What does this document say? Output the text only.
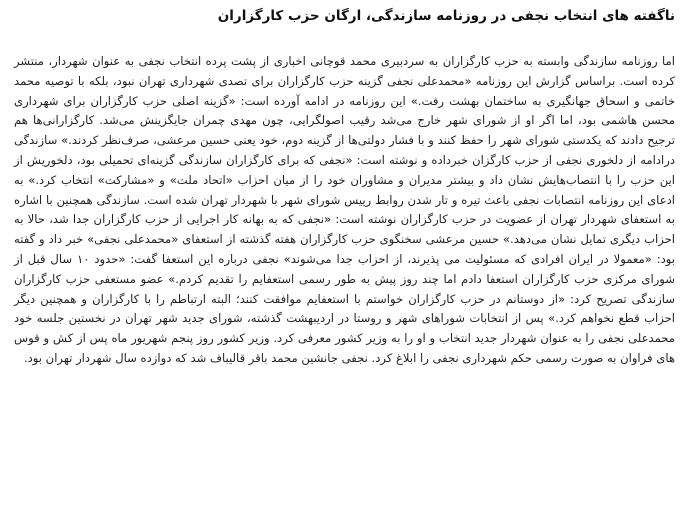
ناگفته های انتخاب نجفی در روزنامه سازندگی، ارگان حزب کارگزاران

اما روزنامه سازندگی وابسته به حزب کارگزاران به سردبیری محمد قوچانی اخباری از پشت پرده انتخاب نجفی به عنوان شهردار، منتشر کرده است. براساس گزارش این روزنامه «محمدعلی نجفی گزینه حزب کارگزاران برای تصدی شهرداری تهران نبود، بلکه با توصیه محمد خاتمی و اسحاق جهانگیری به ساختمان بهشت رفت.» این روزنامه در ادامه آورده است: «گزینه اصلی حزب کارگزاران برای شهرداری محسن هاشمی بود، اما اگر او از شورای شهر خارج می‌شد رقیب اصولگرایی، چون مهدی چمران جایگزینش می‌شد. کارگزارانی‌ها هم ترجیح دادند که یکدستی شورای شهر را حفظ کنند و با فشار دولتی‌ها از گزینه دوم، خود یعنی حسین مرعشی، صرف‌نظر کردند.» سازندگی درادامه از دلخوری نجفی از حزب کارگزان خبرداده و نوشته است: «نجفی که برای کارگزاران سازندگی گزینه‌ای تحمیلی بود، دلخوریش از این حزب را با انتصاب‌هایش نشان داد و بیشتر مدیران و مشاوران خود را از میان احزاب «اتحاد ملت» و «مشارکت» انتخاب کرد.» به ادعای این روزنامه انتصابات نجفی باعث تیره و تار شدن روابط رییس شورای شهر با شهردار تهران شده است. سازندگی همچنین با اشاره به استعفای شهردار تهران از عضویت در حزب کارگزاران نوشته است: «نجفی که به بهانه کار اجرایی از حزب کارگزاران جدا شد، حالا به احزاب دیگری تمایل نشان می‌دهد.» حسین مرعشی سخنگوی حزب کارگزاران هفته گذشته از استعفای «محمدعلی نجفی» خبر داد و گفته بود: «معمولا در ایران افرادی که مسئولیت می پذیرند، از احزاب جدا می‌شوند» نجفی درباره این استعفا گفت: «حدود ۱۰ سال قبل از شورای مرکزی حزب کارگزاران استعفا دادم اما چند روز پیش به طور رسمی استعفایم را تقدیم کردم.» عضو مستعفی حزب کارگزاران سازندگی تصریح کرد: «از دوستانم در حزب کارگزاران خواستم با استعفایم موافقت کنند؛ البته ارتباطم را با کارگزاران و همچنین دیگر احزاب قطع نخواهم کرد.» پس از انتخابات شوراهای شهر و روستا در اردیبهشت گذشته، شورای جدید شهر تهران در نخستین جلسه خود محمدعلی نجفی را به عنوان شهردار جدید انتخاب و او را به وزیر کشور معرفی کرد. وزیر کشور روز پنجم شهریور ماه پس از کش و قوس های فراوان به صورت رسمی حکم شهرداری نجفی را ابلاغ کرد. نجفی جانشین محمد باقر قالیباف شد که دوازده سال شهردار تهران بود.
